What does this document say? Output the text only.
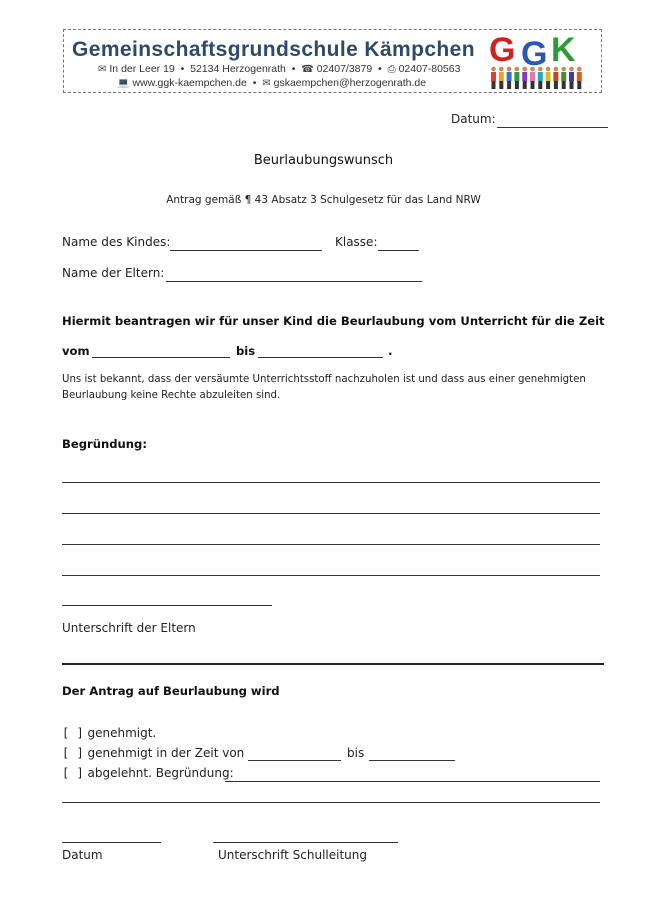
Gemeinschaftsgrundschule Kämpchen
✉ In der Leer 19  •  52134 Herzogenrath  •  ☎ 02407/3879  •  ⎙ 02407-80563
💻 www.ggk-kaempchen.de  •  ✉ gskaempchen@herzogenrath.de
G G K
Datum:
Beurlaubungswunsch
Antrag gemäß ¶ 43 Absatz 3 Schulgesetz für das Land NRW
Name des Kindes:	Klasse:
Name der Eltern:
Hiermit beantragen wir für unser Kind die Beurlaubung vom Unterricht für die Zeit
vom	bis	.
Uns ist bekannt, dass der versäumte Unterrichtsstoff nachzuholen ist und dass aus einer genehmigten
Beurlaubung keine Rechte abzuleiten sind.
Begründung:
Unterschrift der Eltern
Der Antrag auf Beurlaubung wird
[ ] genehmigt.
[ ] genehmigt in der Zeit von	bis
[ ] abgelehnt. Begründung:
Datum	Unterschrift Schulleitung
